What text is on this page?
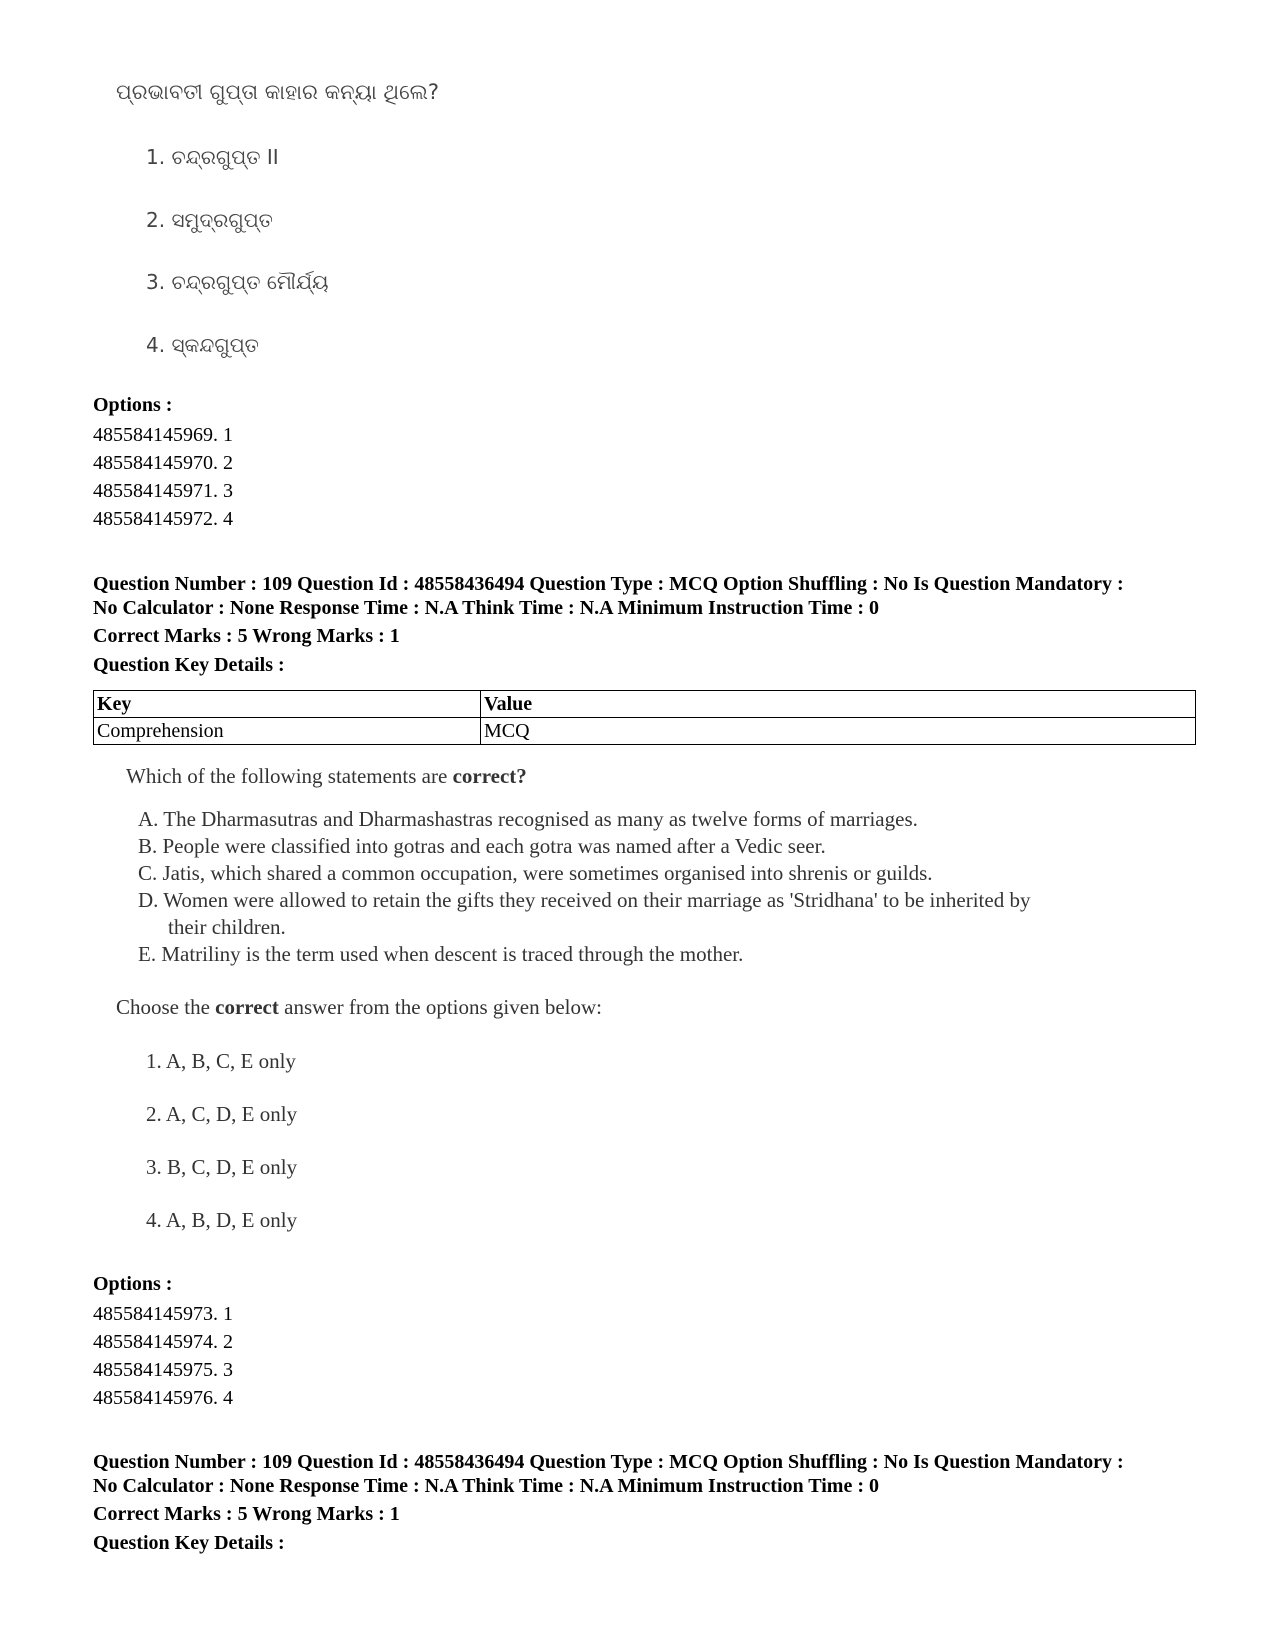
ପ୍ରଭାବତୀ ଗୁପ୍ତା କାହାର କନ୍ୟା ଥିଲେ?
1. ଚନ୍ଦ୍ରଗୁପ୍ତ II
2. ସମୁଦ୍ରଗୁପ୍ତ
3. ଚନ୍ଦ୍ରଗୁପ୍ତ ମୌର୍ଯ୍ୟ
4. ସ୍କନ୍ଦଗୁପ୍ତ
Options :
485584145969. 1
485584145970. 2
485584145971. 3
485584145972. 4
Question Number : 109 Question Id : 48558436494 Question Type : MCQ Option Shuffling : No Is Question Mandatory :
No Calculator : None Response Time : N.A Think Time : N.A Minimum Instruction Time : 0
Correct Marks : 5 Wrong Marks : 1
Question Key Details :
Key	Value
Comprehension	MCQ
Which of the following statements are correct?
A. The Dharmasutras and Dharmashastras recognised as many as twelve forms of marriages.
B. People were classified into gotras and each gotra was named after a Vedic seer.
C. Jatis, which shared a common occupation, were sometimes organised into shrenis or guilds.
D. Women were allowed to retain the gifts they received on their marriage as 'Stridhana' to be inherited by
their children.
E. Matriliny is the term used when descent is traced through the mother.
Choose the correct answer from the options given below:
1. A, B, C, E only
2. A, C, D, E only
3. B, C, D, E only
4. A, B, D, E only
Options :
485584145973. 1
485584145974. 2
485584145975. 3
485584145976. 4
Question Number : 109 Question Id : 48558436494 Question Type : MCQ Option Shuffling : No Is Question Mandatory :
No Calculator : None Response Time : N.A Think Time : N.A Minimum Instruction Time : 0
Correct Marks : 5 Wrong Marks : 1
Question Key Details :
